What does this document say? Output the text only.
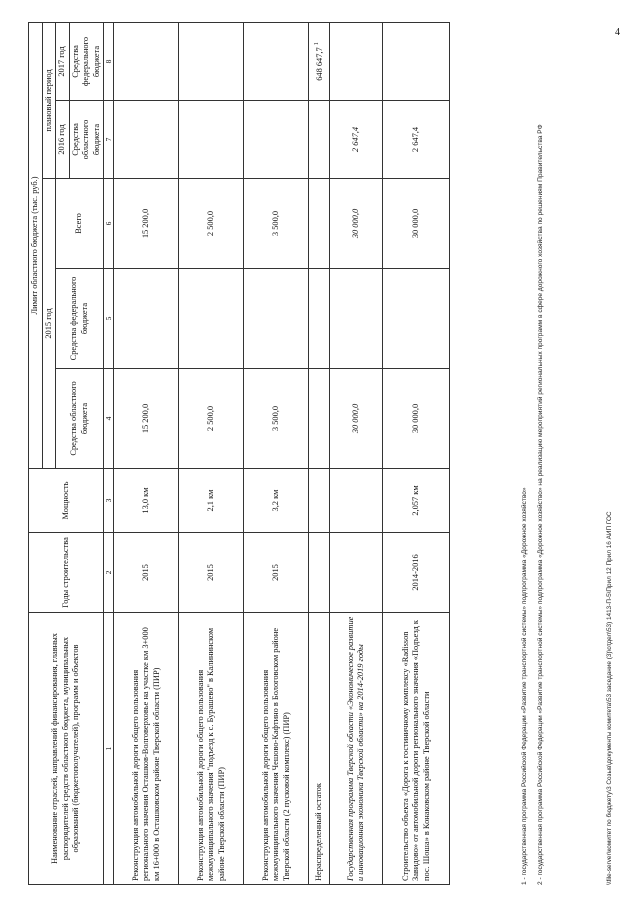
4
Наименование отраслей, направлений финансирования, главных распорядителей средств областного бюджета, муниципальных образований (бюджетополучателей), программ и объектов	Годы строительства	Мощность	Лимит областного бюджета (тыс. руб.)				
			2015 год			плановый период	
			Средства областного бюджета	Средства федерального бюджета	Всего	2016 год	2017 год
						Средства областного бюджета	Средства федерального бюджета
1	2	3	4	5	6	7	8
Реконструкция автомобильной дороги общего пользования регионального значения Осташков-Волговерховье на участке км 3+000 км 16+000 в Осташковском районе Тверской области (ПИР)	2015	13,0 км	15 200,0		15 200,0		
Реконструкция автомобильной дороги общего пользования межмуниципального значения "подъезд к с. Бурашево" в Калининском районе Тверской области (ПИР)	2015	2,1 км	2 500,0		2 500,0		
Реконструкция автомобильной дороги общего пользования межмуниципального значения Чешово-Кафтино в Бологовском районе Тверской области (2 пусковой комплекс) (ПИР)	2015	3,2 км	3 500,0		3 500,0		
Нераспределенный остаток							648 647,7 $^1$
Государственная программа Тверской области «Экономическое развитие и инновационная экономика Тверской области» на 2014-2019 годы			30 000,0		30 000,0	2 647,4	
Строительство объекта «Дорога к гостиничному комплексу «Radisson Завидово» от автомобильной дороги регионального значения «Подъезд к пос. Шоша» в Конаковском районе Тверской области	2014-2016	2,057 км	30 000,0		30 000,0	2 647,4	

1 - государственная программа Российской Федерации «Развитие транспортной системы» подпрограмма «Дорожное хозяйство»	2 - государственная программа Российской Федерации «Развитие транспортной системы» подпрограмма «Дорожное хозяйство» на реализацию мероприятий региональных программ в сфере дорожного хозяйства по решениям Правительства РФ	\\file-server\комитет по бюджету\3 Созыв\документы комитета\53 заседание (3)\отдел\53) 1413-П-5\Прил 12 Прил 16 АИП ГОС
